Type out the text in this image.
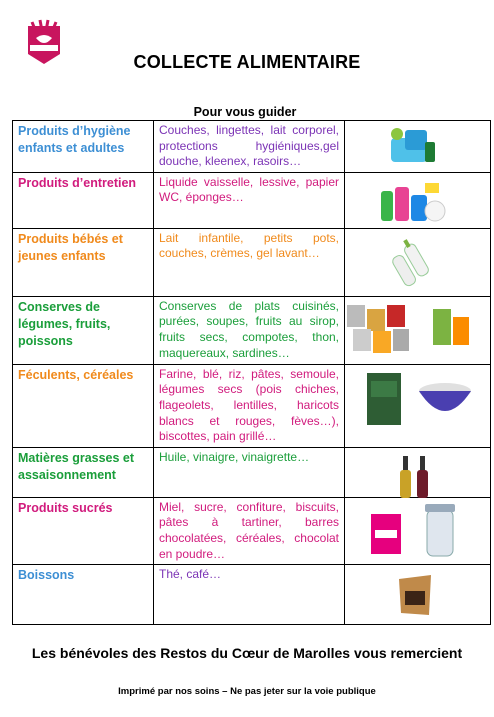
COLLECTE ALIMENTAIRE
Pour vous guider
Produits d’hygiène enfants et adultes	Couches, lingettes, lait corporel, protections hygiéniques,gel douche, kleenex, rasoirs…	

Produits d’entretien	Liquide vaisselle, lessive, papier WC, éponges…	

Produits bébés et jeunes enfants	Lait infantile, petits pots, couches, crèmes, gel lavant…	

Conserves de légumes, fruits, poissons	Conserves de plats cuisinés, purées, soupes, fruits au sirop, fruits secs, compotes, thon, maquereaux, sardines…	

Féculents, céréales	Farine, blé, riz, pâtes, semoule, légumes secs (pois chiches, flageolets, lentilles, haricots blancs et rouges, fèves…), biscottes, pain grillé…	

Matières grasses et assaisonnement	Huile, vinaigre, vinaigrette…	

Produits sucrés	Miel, sucre, confiture, biscuits, pâtes à tartiner, barres chocolatées, céréales, chocolat en poudre…	

Boissons	Thé, café…	
Les bénévoles des Restos du Cœur de Marolles vous remercient
Imprimé par nos soins – Ne pas jeter sur la voie publique
